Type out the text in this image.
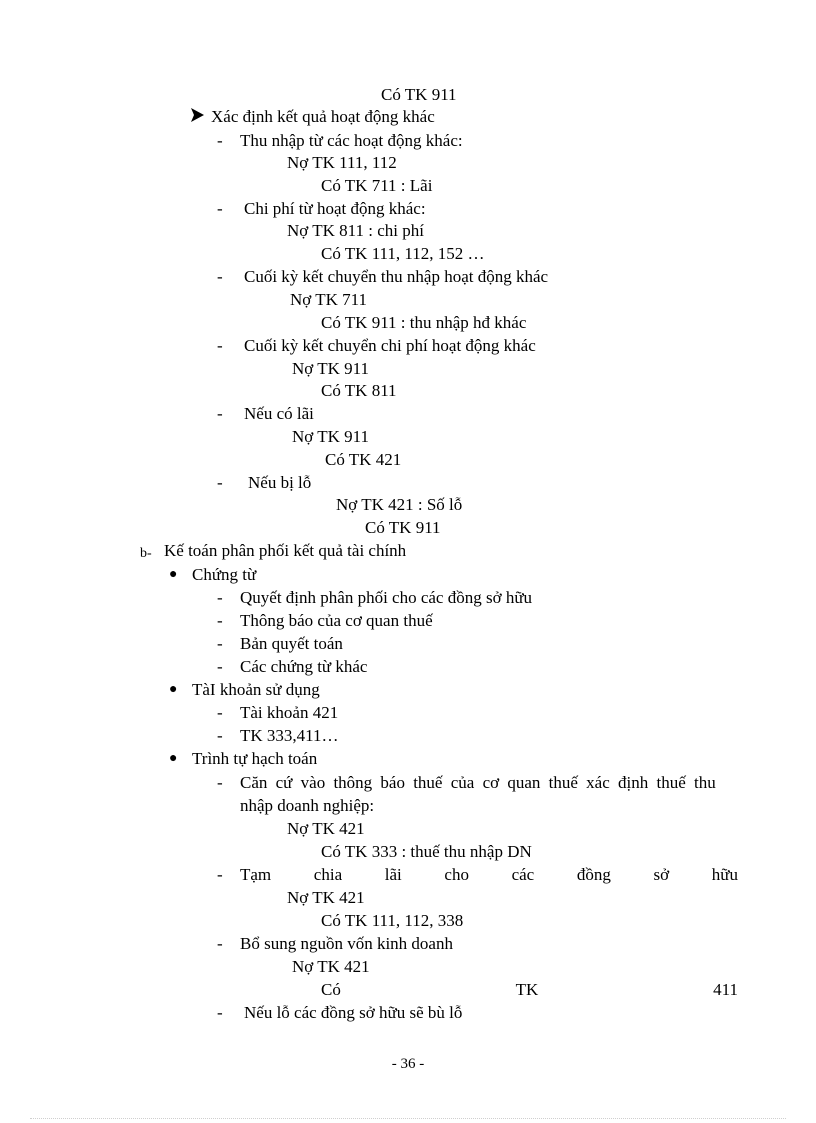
Có TK 911
Xác định kết quả hoạt động khác
- Thu nhập từ các hoạt động khác:
Nợ TK 111, 112
Có TK 711 : Lãi
- Chi phí từ hoạt động khác:
Nợ TK 811 : chi phí
Có TK 111, 112, 152 …
- Cuối kỳ kết chuyển thu nhập hoạt động khác
Nợ TK 711
Có TK 911 : thu nhập hđ khác
- Cuối kỳ kết chuyển chi phí hoạt động khác
Nợ TK 911
Có TK 811
- Nếu có lãi
Nợ TK 911
Có TK 421
- Nếu bị lỗ
Nợ TK 421 : Số lỗ
Có TK 911
b- Kế toán phân phối kết quả tài chính
● Chứng từ
- Quyết định phân phối cho các đồng sở hữu
- Thông báo của cơ quan thuế
- Bản quyết toán
- Các chứng từ khác
● TàI khoản sử dụng
- Tài khoản 421
- TK 333,411…
● Trình tự hạch toán
- Căn cứ vào thông báo thuế của cơ quan thuế xác định thuế thu
nhập doanh nghiệp:
Nợ TK 421
Có TK 333 : thuế thu nhập DN
- Tạm	chia	lãi	cho	các	đồng	sở	hữu
Nợ TK 421
Có TK 111, 112, 338
- Bổ sung nguồn vốn kinh doanh
Nợ TK 421
Có	TK	411
- Nếu lỗ các đồng sở hữu sẽ bù lỗ
- 36 -
